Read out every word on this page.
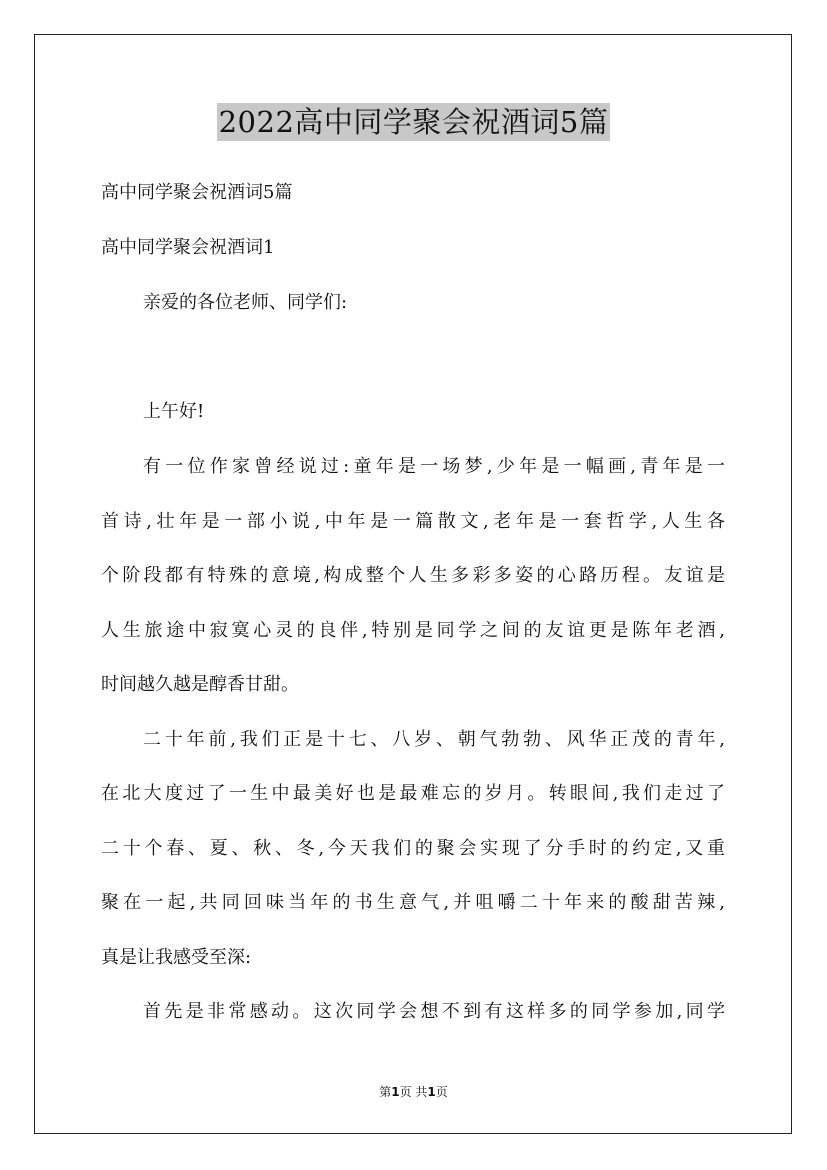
2022高中同学聚会祝酒词5篇
高中同学聚会祝酒词5篇
高中同学聚会祝酒词1
亲爱的各位老师、同学们:
上午好!
有一位作家曾经说过:童年是一场梦,少年是一幅画,青年是一
首诗,壮年是一部小说,中年是一篇散文,老年是一套哲学,人生各
个阶段都有特殊的意境,构成整个人生多彩多姿的心路历程。友谊是
人生旅途中寂寞心灵的良伴,特别是同学之间的友谊更是陈年老酒,
时间越久越是醇香甘甜。
二十年前,我们正是十七、八岁、朝气勃勃、风华正茂的青年,
在北大度过了一生中最美好也是最难忘的岁月。转眼间,我们走过了
二十个春、夏、秋、冬,今天我们的聚会实现了分手时的约定,又重
聚在一起,共同回味当年的书生意气,并咀嚼二十年来的酸甜苦辣,
真是让我感受至深:
首先是非常感动。这次同学会想不到有这样多的同学参加,同学
第1页 共1页
